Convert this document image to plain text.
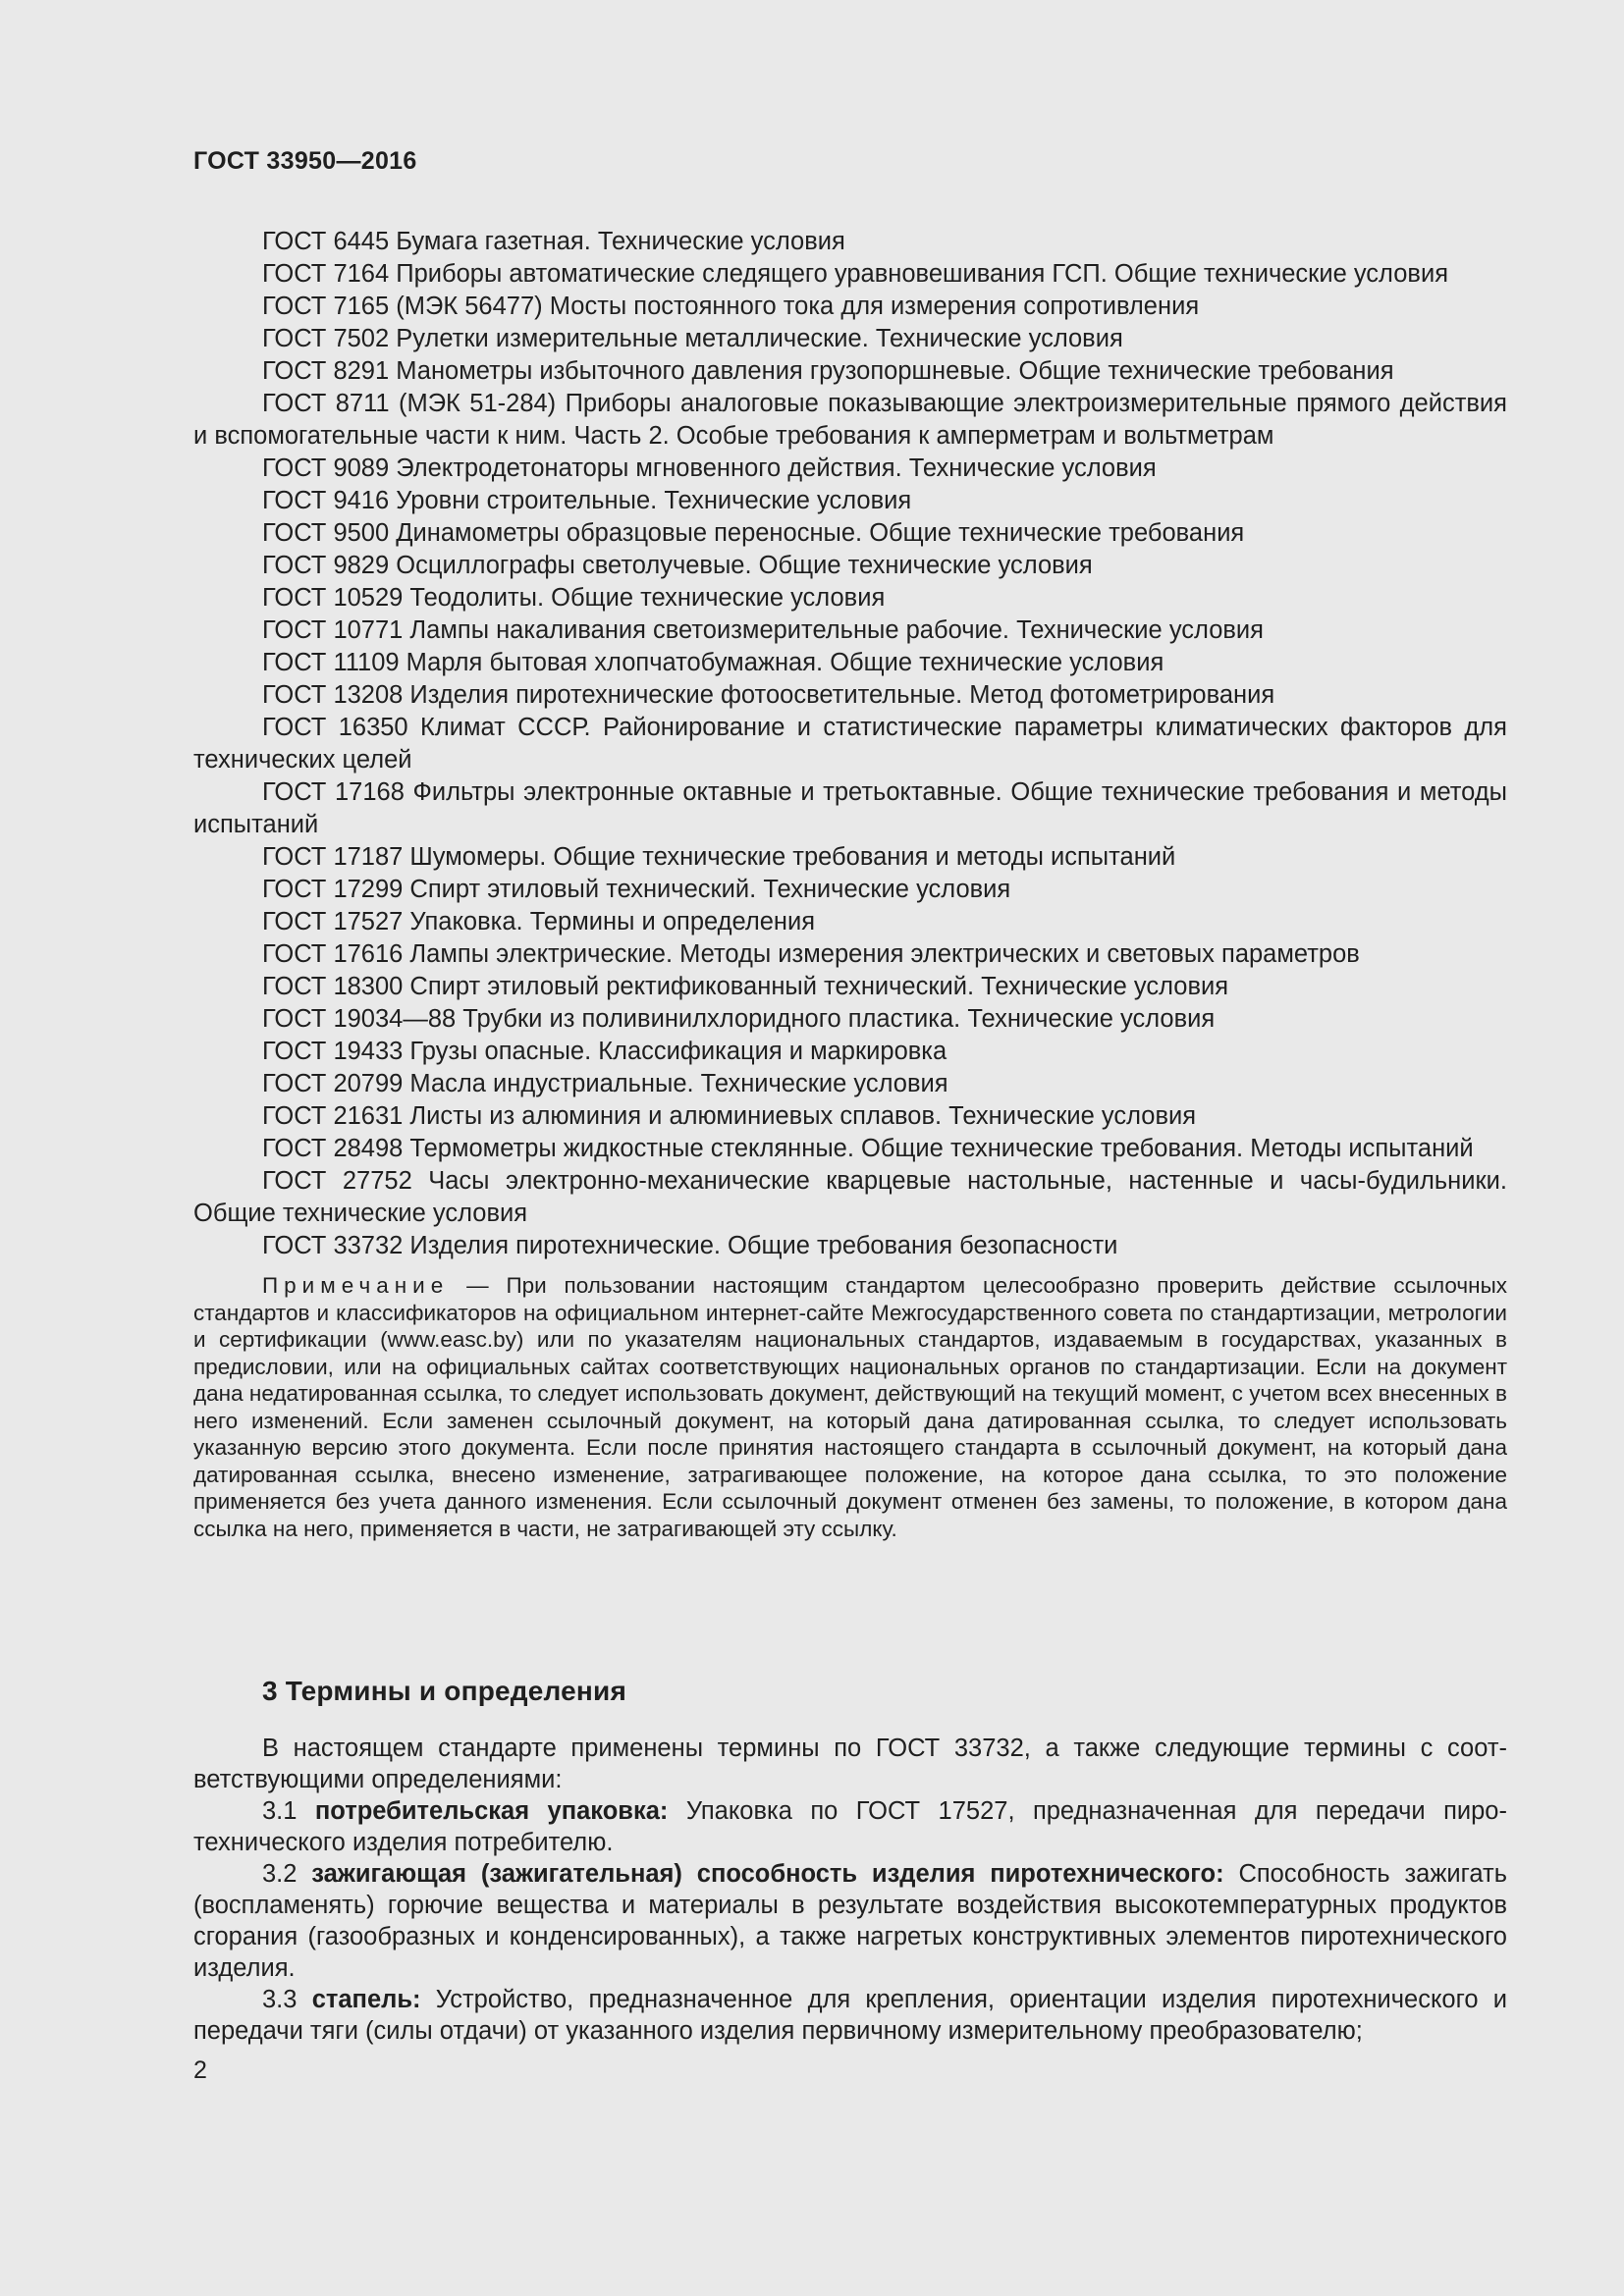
ГОСТ 33950—2016

ГОСТ 6445 Бумага газетная. Технические условия

ГОСТ 7164 Приборы автоматические следящего уравновешивания ГСП. Общие технические условия

ГОСТ 7165 (МЭК 56477) Мосты постоянного тока для измерения сопротивления

ГОСТ 7502 Рулетки измерительные металлические. Технические условия

ГОСТ 8291 Манометры избыточного давления грузопоршневые. Общие технические требования

ГОСТ 8711 (МЭК 51-284) Приборы аналоговые показывающие электроизмерительные прямого действия и вспомогательные части к ним. Часть 2. Особые требования к амперметрам и вольтметрам

ГОСТ 9089 Электродетонаторы мгновенного действия. Технические условия

ГОСТ 9416 Уровни строительные. Технические условия

ГОСТ 9500 Динамометры образцовые переносные. Общие технические требования

ГОСТ 9829 Осциллографы светолучевые. Общие технические условия

ГОСТ 10529 Теодолиты. Общие технические условия

ГОСТ 10771 Лампы накаливания светоизмерительные рабочие. Технические условия

ГОСТ 11109 Марля бытовая хлопчатобумажная. Общие технические условия

ГОСТ 13208 Изделия пиротехнические фотоосветительные. Метод фотометрирования

ГОСТ 16350 Климат СССР. Районирование и статистические параметры климатических факторов для технических целей

ГОСТ 17168 Фильтры электронные октавные и третьоктавные. Общие технические требования и методы испытаний

ГОСТ 17187 Шумомеры. Общие технические требования и методы испытаний

ГОСТ 17299 Спирт этиловый технический. Технические условия

ГОСТ 17527 Упаковка. Термины и определения

ГОСТ 17616 Лампы электрические. Методы измерения электрических и световых параметров

ГОСТ 18300 Спирт этиловый ректификованный технический. Технические условия

ГОСТ 19034—88 Трубки из поливинилхлоридного пластика. Технические условия

ГОСТ 19433 Грузы опасные. Классификация и маркировка

ГОСТ 20799 Масла индустриальные. Технические условия

ГОСТ 21631 Листы из алюминия и алюминиевых сплавов. Технические условия

ГОСТ 28498 Термометры жидкостные стеклянные. Общие технические требования. Методы испытаний

ГОСТ 27752 Часы электронно-механические кварцевые настольные, настенные и часы-будильники. Общие технические условия

ГОСТ 33732 Изделия пиротехнические. Общие требования безопасности

Примечание — При пользовании настоящим стандартом целесообразно проверить действие ссылочных стандартов и классификаторов на официальном интернет-сайте Межгосударственного совета по стандартизации, метрологии и сертификации (www.easc.by) или по указателям национальных стандартов, издаваемым в государствах, указанных в предисловии, или на официальных сайтах соответствующих национальных органов по стандартизации. Если на документ дана недатированная ссылка, то следует использовать документ, действующий на текущий момент, с учетом всех внесенных в него изменений. Если заменен ссылочный документ, на который дана датированная ссылка, то следует использовать указанную версию этого документа. Если после принятия настоящего стандарта в ссылочный документ, на который дана датированная ссылка, внесено изменение, затрагивающее положение, на которое дана ссылка, то это положение применяется без учета данного изменения. Если ссылочный документ отменен без замены, то положение, в котором дана ссылка на него, применяется в части, не затрагивающей эту ссылку.

3 Термины и определения

В настоящем стандарте применены термины по ГОСТ 33732, а также следующие термины с соответствующими определениями:

3.1 потребительская упаковка: Упаковка по ГОСТ 17527, предназначенная для передачи пиротехнического изделия потребителю.

3.2 зажигающая (зажигательная) способность изделия пиротехнического: Способность зажигать (воспламенять) горючие вещества и материалы в результате воздействия высокотемпературных продуктов сгорания (газообразных и конденсированных), а также нагретых конструктивных элементов пиротехнического изделия.

3.3 стапель: Устройство, предназначенное для крепления, ориентации изделия пиротехнического и передачи тяги (силы отдачи) от указанного изделия первичному измерительному преобразователю;

2
